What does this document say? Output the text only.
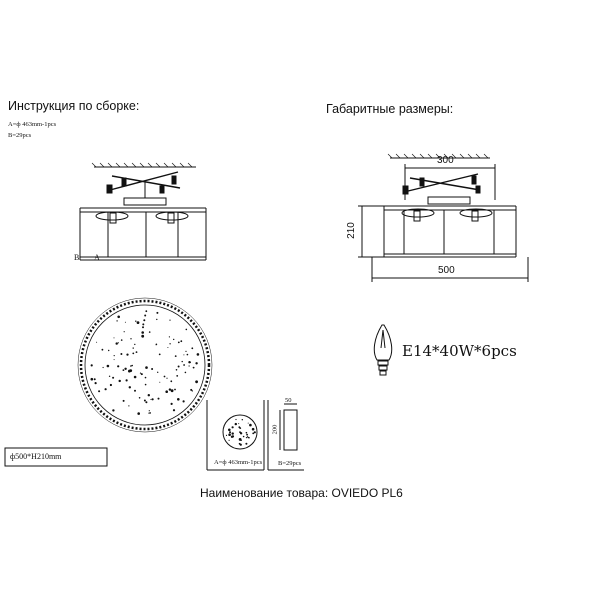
Инструкция по сборке:	Габаритные размеры:
A=ф 463mm-1pcs
B=29pcs
B A
300
210
500
E14*40W*6pcs
ф500*H210mm
A=ф 463mm-1pcs
50
200
B=29pcs
Наименование товара: OVIEDO PL6
